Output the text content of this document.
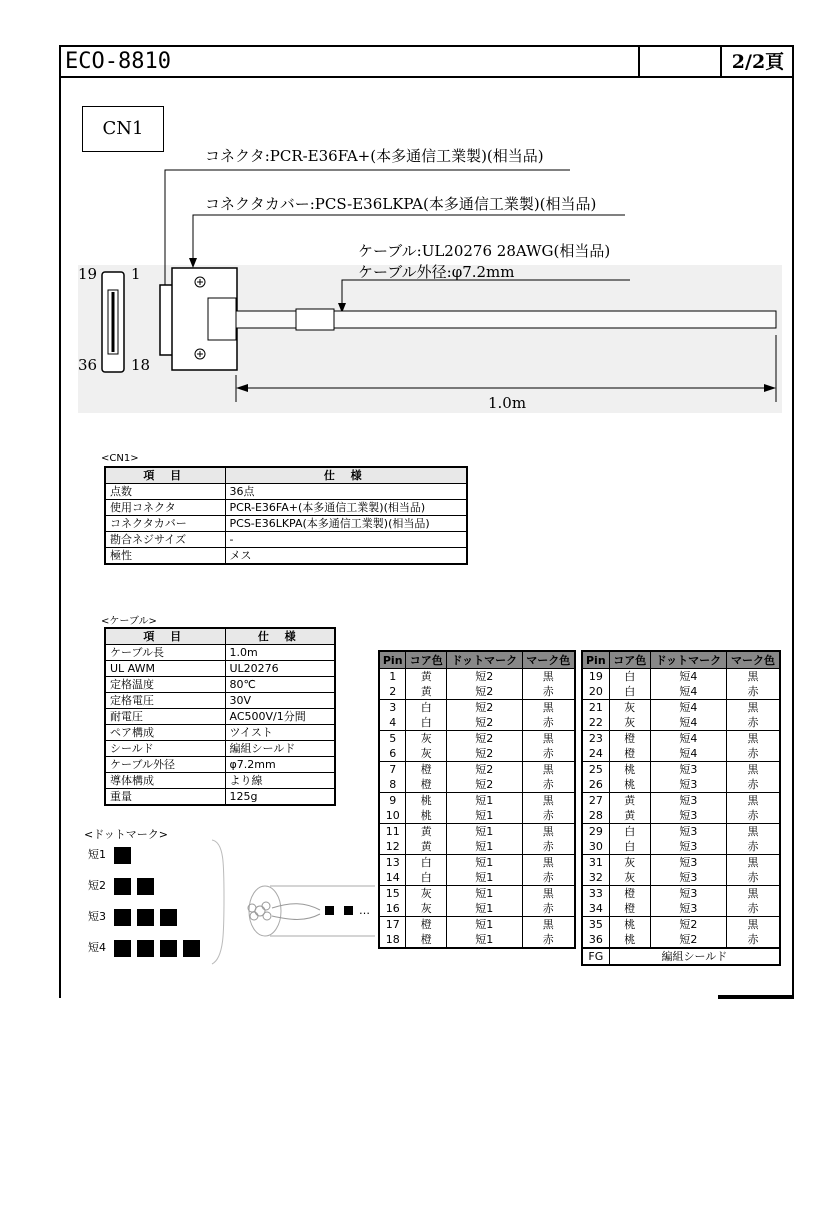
ECO-8810	2/2頁
CN1
コネクタ:PCR-E36FA+(本多通信工業製)(相当品)
コネクタカバー:PCS-E36LKPA(本多通信工業製)(相当品)
ケーブル:UL20276 28AWG(相当品)
ケーブル外径:φ7.2mm
19 1
36 18
1.0m
<CN1>
項 目	仕 様
点数	36点
使用コネクタ	PCR-E36FA+(本多通信工業製)(相当品)
コネクタカバー	PCS-E36LKPA(本多通信工業製)(相当品)
勘合ネジサイズ	-
極性	メス
<ケーブル>
項 目	仕 様
ケーブル長	1.0m
UL AWM	UL20276
定格温度	80℃
定格電圧	30V
耐電圧	AC500V/1分間
ペア構成	ツイスト
シールド	編組シールド
ケーブル外径	φ7.2mm
導体構成	より線
重量	125g
<ドットマーク>
短1
短2
短3
短4
…
Pin	コア色	ドットマーク	マーク色
1	黄	短2	黒
2	黄	短2	赤
3	白	短2	黒
4	白	短2	赤
5	灰	短2	黒
6	灰	短2	赤
7	橙	短2	黒
8	橙	短2	赤
9	桃	短1	黒
10	桃	短1	赤
11	黄	短1	黒
12	黄	短1	赤
13	白	短1	黒
14	白	短1	赤
15	灰	短1	黒
16	灰	短1	赤
17	橙	短1	黒
18	橙	短1	赤
Pin	コア色	ドットマーク	マーク色
19	白	短4	黒
20	白	短4	赤
21	灰	短4	黒
22	灰	短4	赤
23	橙	短4	黒
24	橙	短4	赤
25	桃	短3	黒
26	桃	短3	赤
27	黄	短3	黒
28	黄	短3	赤
29	白	短3	黒
30	白	短3	赤
31	灰	短3	黒
32	灰	短3	赤
33	橙	短3	黒
34	橙	短3	赤
35	桃	短2	黒
36	桃	短2	赤
FG	編組シールド		
